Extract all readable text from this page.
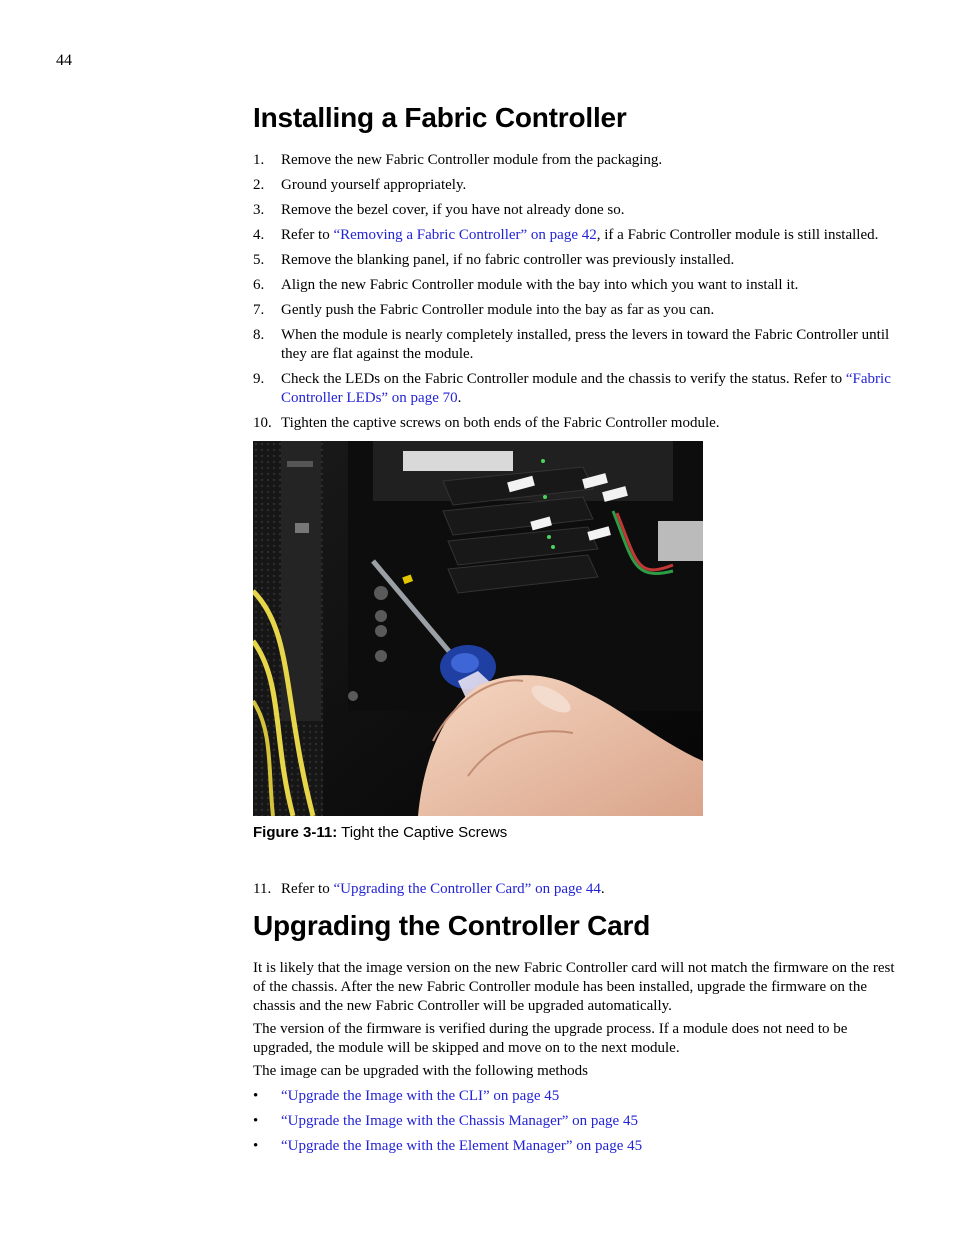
44
Installing a Fabric Controller
1. Remove the new Fabric Controller module from the packaging.
2. Ground yourself appropriately.
3. Remove the bezel cover, if you have not already done so.
4. Refer to “Removing a Fabric Controller” on page 42, if a Fabric Controller module is still installed.
5. Remove the blanking panel, if no fabric controller was previously installed.
6. Align the new Fabric Controller module with the bay into which you want to install it.
7. Gently push the Fabric Controller module into the bay as far as you can.
8. When the module is nearly completely installed, press the levers in toward the Fabric Controller until they are flat against the module.
9. Check the LEDs on the Fabric Controller module and the chassis to verify the status. Refer to “Fabric Controller LEDs” on page 70.
10. Tighten the captive screws on both ends of the Fabric Controller module.
Figure 3-11: Tight the Captive Screws
11. Refer to “Upgrading the Controller Card” on page 44.
Upgrading the Controller Card

It is likely that the image version on the new Fabric Controller card will not match the firmware on the rest of the chassis. After the new Fabric Controller module has been installed, upgrade the firmware on the chassis and the new Fabric Controller will be upgraded automatically.

The version of the firmware is verified during the upgrade process. If a module does not need to be upgraded, the module will be skipped and move on to the next module.

The image can be upgraded with the following methods

• “Upgrade the Image with the CLI” on page 45
• “Upgrade the Image with the Chassis Manager” on page 45
• “Upgrade the Image with the Element Manager” on page 45
